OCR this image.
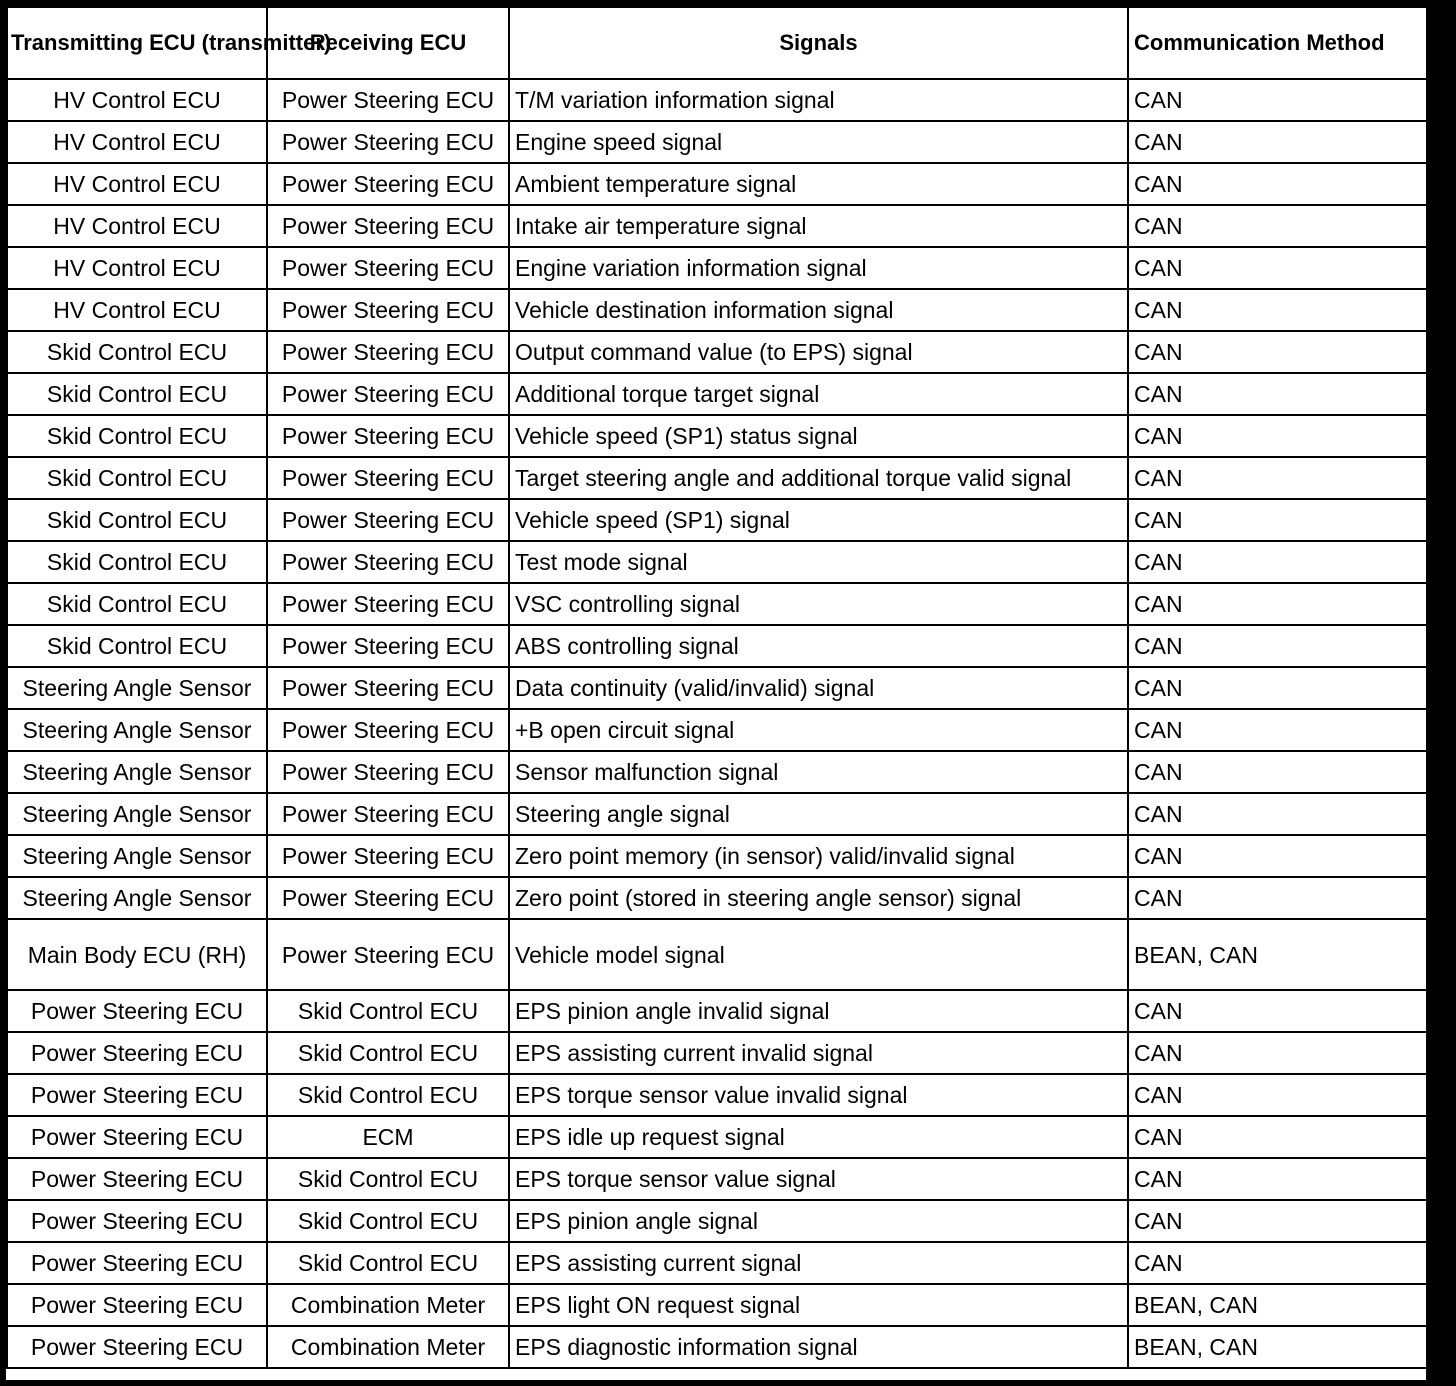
Transmitting ECU (transmitter)	Receiving ECU	Signals	Communication Method
HV Control ECU	Power Steering ECU	T/M variation information signal	CAN
HV Control ECU	Power Steering ECU	Engine speed signal	CAN
HV Control ECU	Power Steering ECU	Ambient temperature signal	CAN
HV Control ECU	Power Steering ECU	Intake air temperature signal	CAN
HV Control ECU	Power Steering ECU	Engine variation information signal	CAN
HV Control ECU	Power Steering ECU	Vehicle destination information signal	CAN
Skid Control ECU	Power Steering ECU	Output command value (to EPS) signal	CAN
Skid Control ECU	Power Steering ECU	Additional torque target signal	CAN
Skid Control ECU	Power Steering ECU	Vehicle speed (SP1) status signal	CAN
Skid Control ECU	Power Steering ECU	Target steering angle and additional torque valid signal	CAN
Skid Control ECU	Power Steering ECU	Vehicle speed (SP1) signal	CAN
Skid Control ECU	Power Steering ECU	Test mode signal	CAN
Skid Control ECU	Power Steering ECU	VSC controlling signal	CAN
Skid Control ECU	Power Steering ECU	ABS controlling signal	CAN
Steering Angle Sensor	Power Steering ECU	Data continuity (valid/invalid) signal	CAN
Steering Angle Sensor	Power Steering ECU	+B open circuit signal	CAN
Steering Angle Sensor	Power Steering ECU	Sensor malfunction signal	CAN
Steering Angle Sensor	Power Steering ECU	Steering angle signal	CAN
Steering Angle Sensor	Power Steering ECU	Zero point memory (in sensor) valid/invalid signal	CAN
Steering Angle Sensor	Power Steering ECU	Zero point (stored in steering angle sensor) signal	CAN
Main Body ECU (RH)	Power Steering ECU	Vehicle model signal	BEAN, CAN
Power Steering ECU	Skid Control ECU	EPS pinion angle invalid signal	CAN
Power Steering ECU	Skid Control ECU	EPS assisting current invalid signal	CAN
Power Steering ECU	Skid Control ECU	EPS torque sensor value invalid signal	CAN
Power Steering ECU	ECM	EPS idle up request signal	CAN
Power Steering ECU	Skid Control ECU	EPS torque sensor value signal	CAN
Power Steering ECU	Skid Control ECU	EPS pinion angle signal	CAN
Power Steering ECU	Skid Control ECU	EPS assisting current signal	CAN
Power Steering ECU	Combination Meter	EPS light ON request signal	BEAN, CAN
Power Steering ECU	Combination Meter	EPS diagnostic information signal	BEAN, CAN
